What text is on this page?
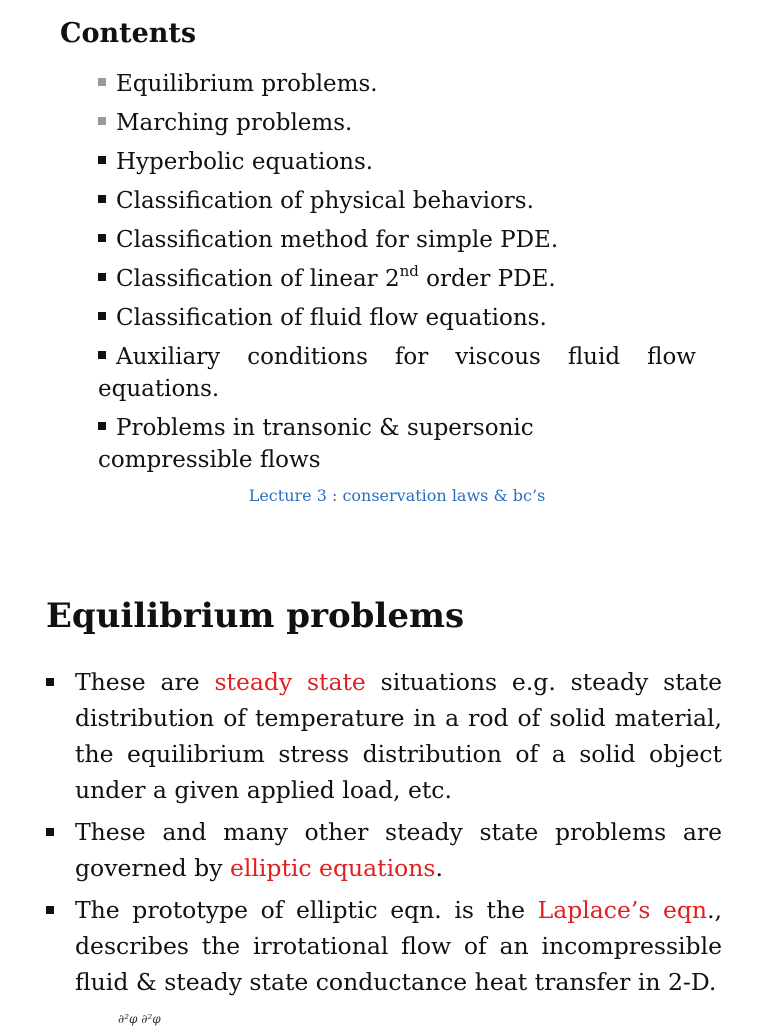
Contents
Equilibrium problems.
Marching problems.
Hyperbolic equations.
Classification of physical behaviors.
Classification method for simple PDE.
Classification of linear 2nd order PDE.
Classification of fluid flow equations.
Auxiliary conditions for viscous fluid flow equations.
Problems in transonic & supersonic
compressible flows

Lecture 3 : conservation laws & bc’s

Equilibrium problems
These are steady state situations e.g. steady state distribution of temperature in a rod of solid material, the equilibrium stress distribution of a solid object under a given applied load, etc.
These and many other steady state problems are governed by elliptic equations.
The prototype of elliptic eqn. is the Laplace’s eqn., describes the irrotational flow of an incompressible fluid & steady state conductance heat transfer in 2-D.
∂²φ ∂²φ
